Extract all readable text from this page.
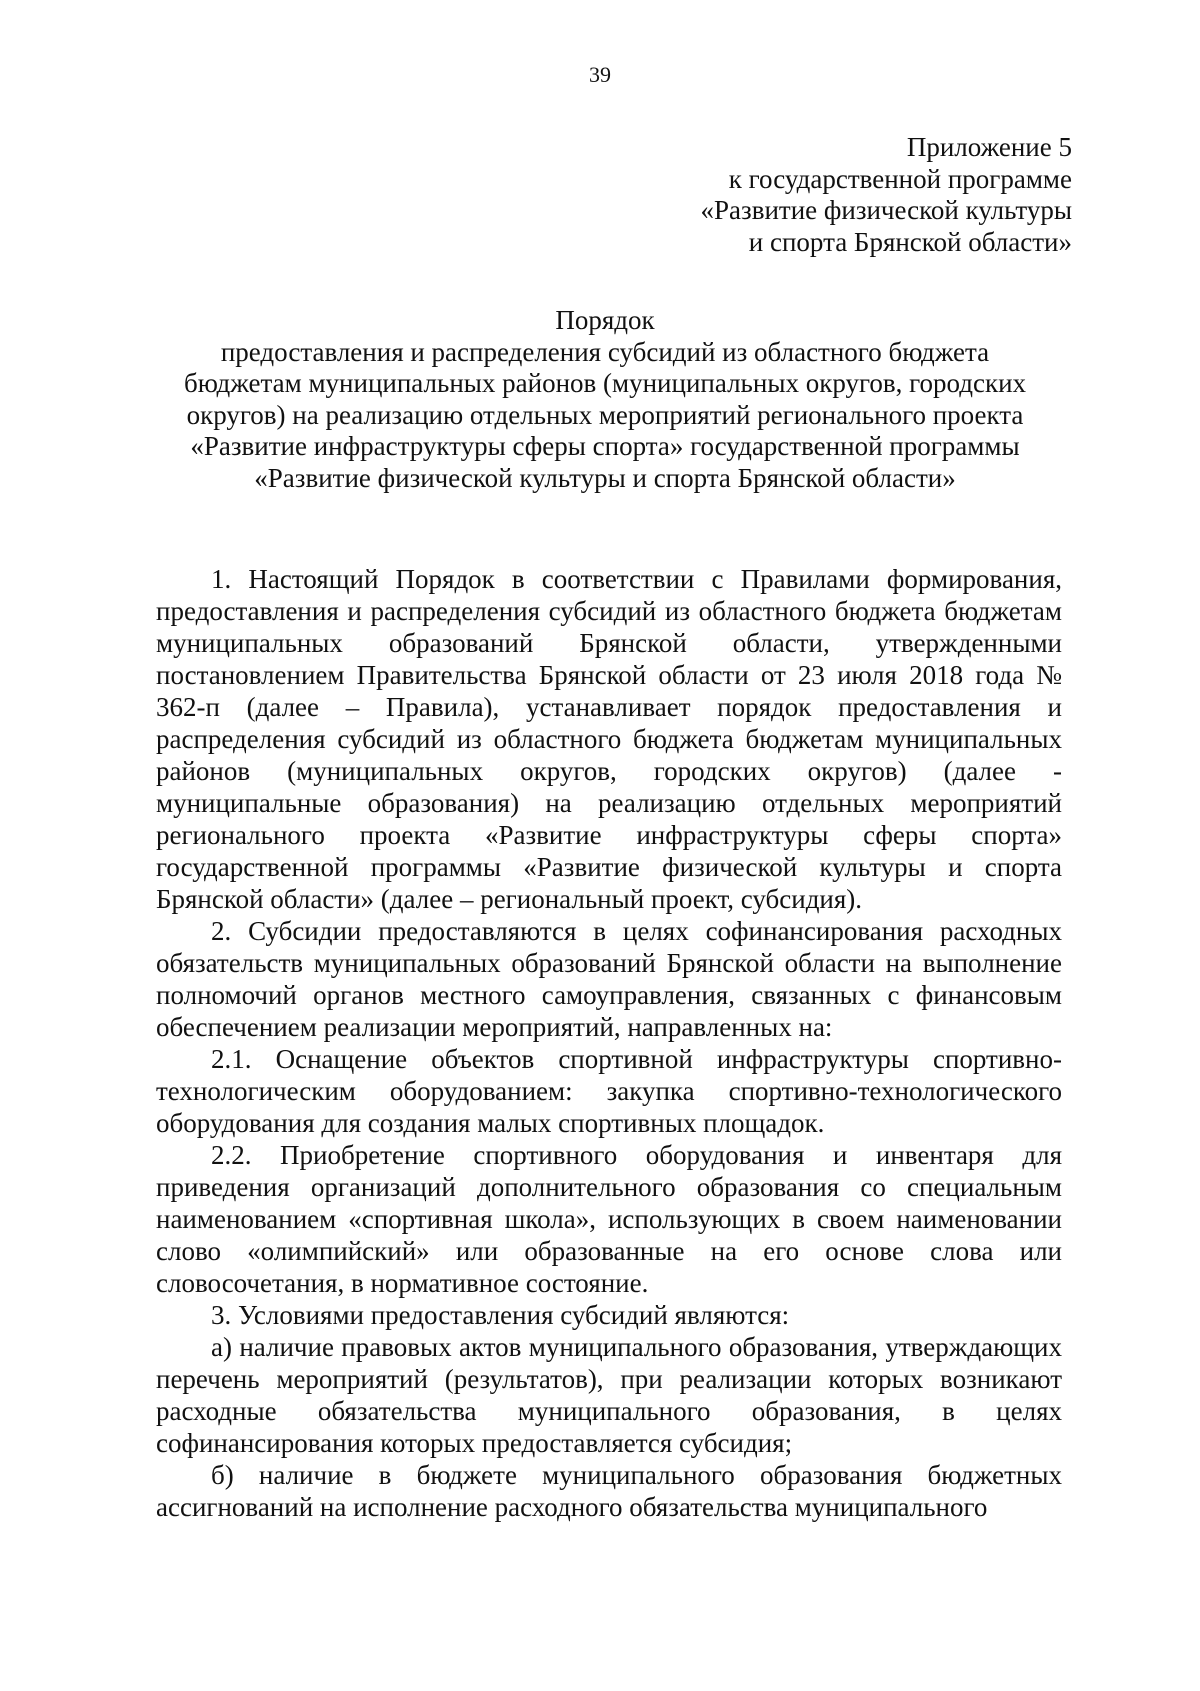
39
Приложение 5
к государственной программе
«Развитие физической культуры
и спорта Брянской области»
Порядок
предоставления и распределения субсидий из областного бюджета
бюджетам муниципальных районов (муниципальных округов, городских
округов) на реализацию отдельных мероприятий регионального проекта
«Развитие инфраструктуры сферы спорта» государственной программы
«Развитие физической культуры и спорта Брянской области»

1. Настоящий Порядок в соответствии с Правилами формирования, предоставления и распределения субсидий из областного бюджета бюджетам муниципальных образований Брянской области, утвержденными постановлением Правительства Брянской области от 23 июля 2018 года № 362-п (далее – Правила), устанавливает порядок предоставления и распределения субсидий из областного бюджета бюджетам муниципальных районов (муниципальных округов, городских округов) (далее - муниципальные образования) на реализацию отдельных мероприятий регионального проекта «Развитие инфраструктуры сферы спорта» государственной программы «Развитие физической культуры и спорта Брянской области» (далее – региональный проект, субсидия).

2. Субсидии предоставляются в целях софинансирования расходных обязательств муниципальных образований Брянской области на выполнение полномочий органов местного самоуправления, связанных с финансовым обеспечением реализации мероприятий, направленных на:

2.1. Оснащение объектов спортивной инфраструктуры спортивно-технологическим оборудованием: закупка спортивно-технологического оборудования для создания малых спортивных площадок.

2.2. Приобретение спортивного оборудования и инвентаря для приведения организаций дополнительного образования со специальным наименованием «спортивная школа», использующих в своем наименовании слово «олимпийский» или образованные на его основе слова или словосочетания, в нормативное состояние.

3. Условиями предоставления субсидий являются:

а) наличие правовых актов муниципального образования, утверждающих перечень мероприятий (результатов), при реализации которых возникают расходные обязательства муниципального образования, в целях софинансирования которых предоставляется субсидия;

б) наличие в бюджете муниципального образования бюджетных ассигнований на исполнение расходного обязательства муниципального
